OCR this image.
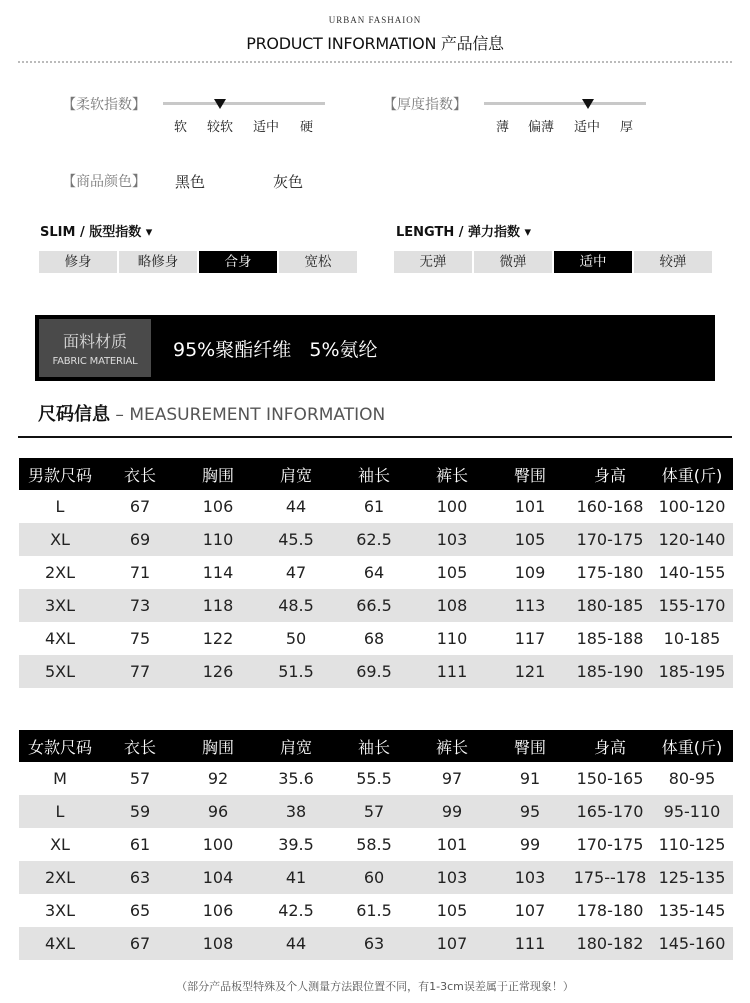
URBAN FASHAION
PRODUCT INFORMATION 产品信息
【柔软指数】
软 较软 适中 硬
【厚度指数】
薄 偏薄 适中 厚
【商品颜色】 黑色	灰色
SLIM / 版型指数 ▾
修身	略修身	合身	宽松
LENGTH / 弹力指数 ▾
无弹	微弹	适中	较弹
面料材质
FABRIC MATERIAL
95%聚酯纤维   5%氨纶
尺码信息 – MEASUREMENT INFORMATION
男款尺码	衣长	胸围	肩宽	袖长	裤长	臀围	身高	体重(斤)
L	67	106	44	61	100	101	160-168	100-120
XL	69	110	45.5	62.5	103	105	170-175	120-140
2XL	71	114	47	64	105	109	175-180	140-155
3XL	73	118	48.5	66.5	108	113	180-185	155-170
4XL	75	122	50	68	110	117	185-188	10-185
5XL	77	126	51.5	69.5	111	121	185-190	185-195
女款尺码	衣长	胸围	肩宽	袖长	裤长	臀围	身高	体重(斤)
M	57	92	35.6	55.5	97	91	150-165	80-95
L	59	96	38	57	99	95	165-170	95-110
XL	61	100	39.5	58.5	101	99	170-175	110-125
2XL	63	104	41	60	103	103	175--178	125-135
3XL	65	106	42.5	61.5	105	107	178-180	135-145
4XL	67	108	44	63	107	111	180-182	145-160
（部分产品板型特殊及个人测量方法跟位置不同，有1-3cm误差属于正常现象！）
